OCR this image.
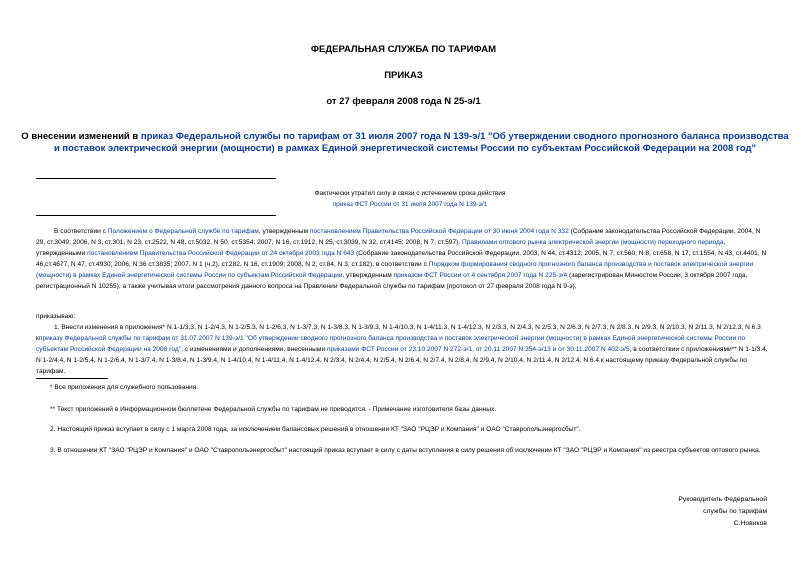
ФЕДЕРАЛЬНАЯ СЛУЖБА ПО ТАРИФАМ
ПРИКАЗ
от 27 февраля 2008 года N 25-э/1
О внесении изменений в приказ Федеральной службы по тарифам от 31 июля 2007 года N 139-э/1 "Об утверждении сводного прогнозного баланса производства и поставок электрической энергии (мощности) в рамках Единой энергетической системы России по субъектам Российской Федерации на 2008 год"
Фактически утратил силу в связи с истечением срока действия
приказ ФСТ России от 31 июля 2007 года N 139-э/1

В соответствии с Положением о Федеральной службе по тарифам, утвержденным постановлением Правительства Российской Федерации от 30 июня 2004 года N 332 (Собрание законодательства Российской Федерации, 2004, N 29, ст.3049; 2006, N 3, ст.301, N 23, ст.2522, N 48, ст.5032, N 50, ст.5354; 2007, N 16, ст.1912, N 25, ст.3039, N 32, ст.4145; 2008, N 7, ст.597). Правилами оптового рынка электрической энергии (мощности) переходного периода, утвержденными постановлением Правительства Российской Федерации от 24 октября 2003 года N 643 (Собрание законодательства Российской Федерации, 2003, N 44, ст.4312; 2005, N 7, ст.560, N 8, ст.658, N 17, ст.1554, N 43, ст.4401, N 46,ст.4677, N 47, ст.4930; 2006, N 36 ст.3835; 2007, N 1 (ч.2), ст.282, N 16, ст.1909; 2008, N 2, ст.84, N 3, ст.182), в соответствии с Порядком формирования сводного прогнозного баланса производства и поставок электрической энергии (мощности) в рамках Единой энергетической системы России по субъектам Российской Федерации, утвержденным приказом ФСТ России от 4 сентября 2007 года N 225-э/4 (зарегистрирован Минюстом России, 3 октября 2007 года, регистрационный N 10255), а также учитывая итоги рассмотрения данного вопроса на Правлении Федеральной службы по тарифам (протокол от 27 февраля 2008 года N 9-э),

приказываю:

1. Внести изменения в приложения* N 1-1/3.3, N 1-2/4.3, N 1-2/5.3, N 1-2/6.3, N 1-3/7.3, N 1-3/8.3, N 1-3/9.3, N 1-4/10.3, N 1-4/11.3, N 1-4/12.3, N 2/3.3, N 2/4.3, N 2/5.3, N 2/6.3, N 2/7.3, N 2/8.3, N 2/9.3, N 2/10.3, N 2/11.3, N 2/12.3, N 6.3 кприказу Федеральной службы по тарифам от 31.07.2007 N 139-э/1 "Об утверждении сводного прогнозного баланса производства и поставок электрической энергии (мощности) в рамках Единой энергетической системы России по субъектам Российской Федерации на 2008 год", с изменениями и дополнениями, внесенными приказами ФСТ России от 23.10.2007 N 272-э/1, от 20.11.2007 N 354-э/13 и от 30.11.2007 N 402-э/5, в соответствии с приложениями** N 1-1/3.4, N 1-2/4.4, N 1-2/5.4, N 1-2/6.4, N 1-3/7.4, N 1-3/8.4, N 1-3/9.4, N 1-4/10.4, N 1-4/11.4, N 1-4/12.4, N 2/3.4, N 2/4.4, N 2/5.4, N 2/6.4, N 2/7.4, N 2/8.4, N 2/9.4, N 2/10.4, N 2/11.4, N 2/12.4, N 6.4 к настоящему приказу Федеральной службы по тарифам.

* Все приложения для служебного пользования.
** Текст приложений в Информационном бюллетене Федеральной службы по тарифам не приводится. - Примечание изготовителя базы данных.
2. Настоящий приказ вступает в силу с 1 марта 2008 года, за исключением балансовых решений в отношении КТ "ЗАО "РЦЭР и Компания" и ОАО "Ставропольэнергосбыт".
3. В отношении КТ "ЗАО "РЦЭР и Компания" и ОАО "Ставропольэнергосбыт" настоящий приказ вступает в силу с даты вступления в силу решения об исключении КТ "ЗАО "РЦЭР и Компания" из реестра субъектов оптового рынка.
Руководитель Федеральной
службы по тарифам
С.Новиков
